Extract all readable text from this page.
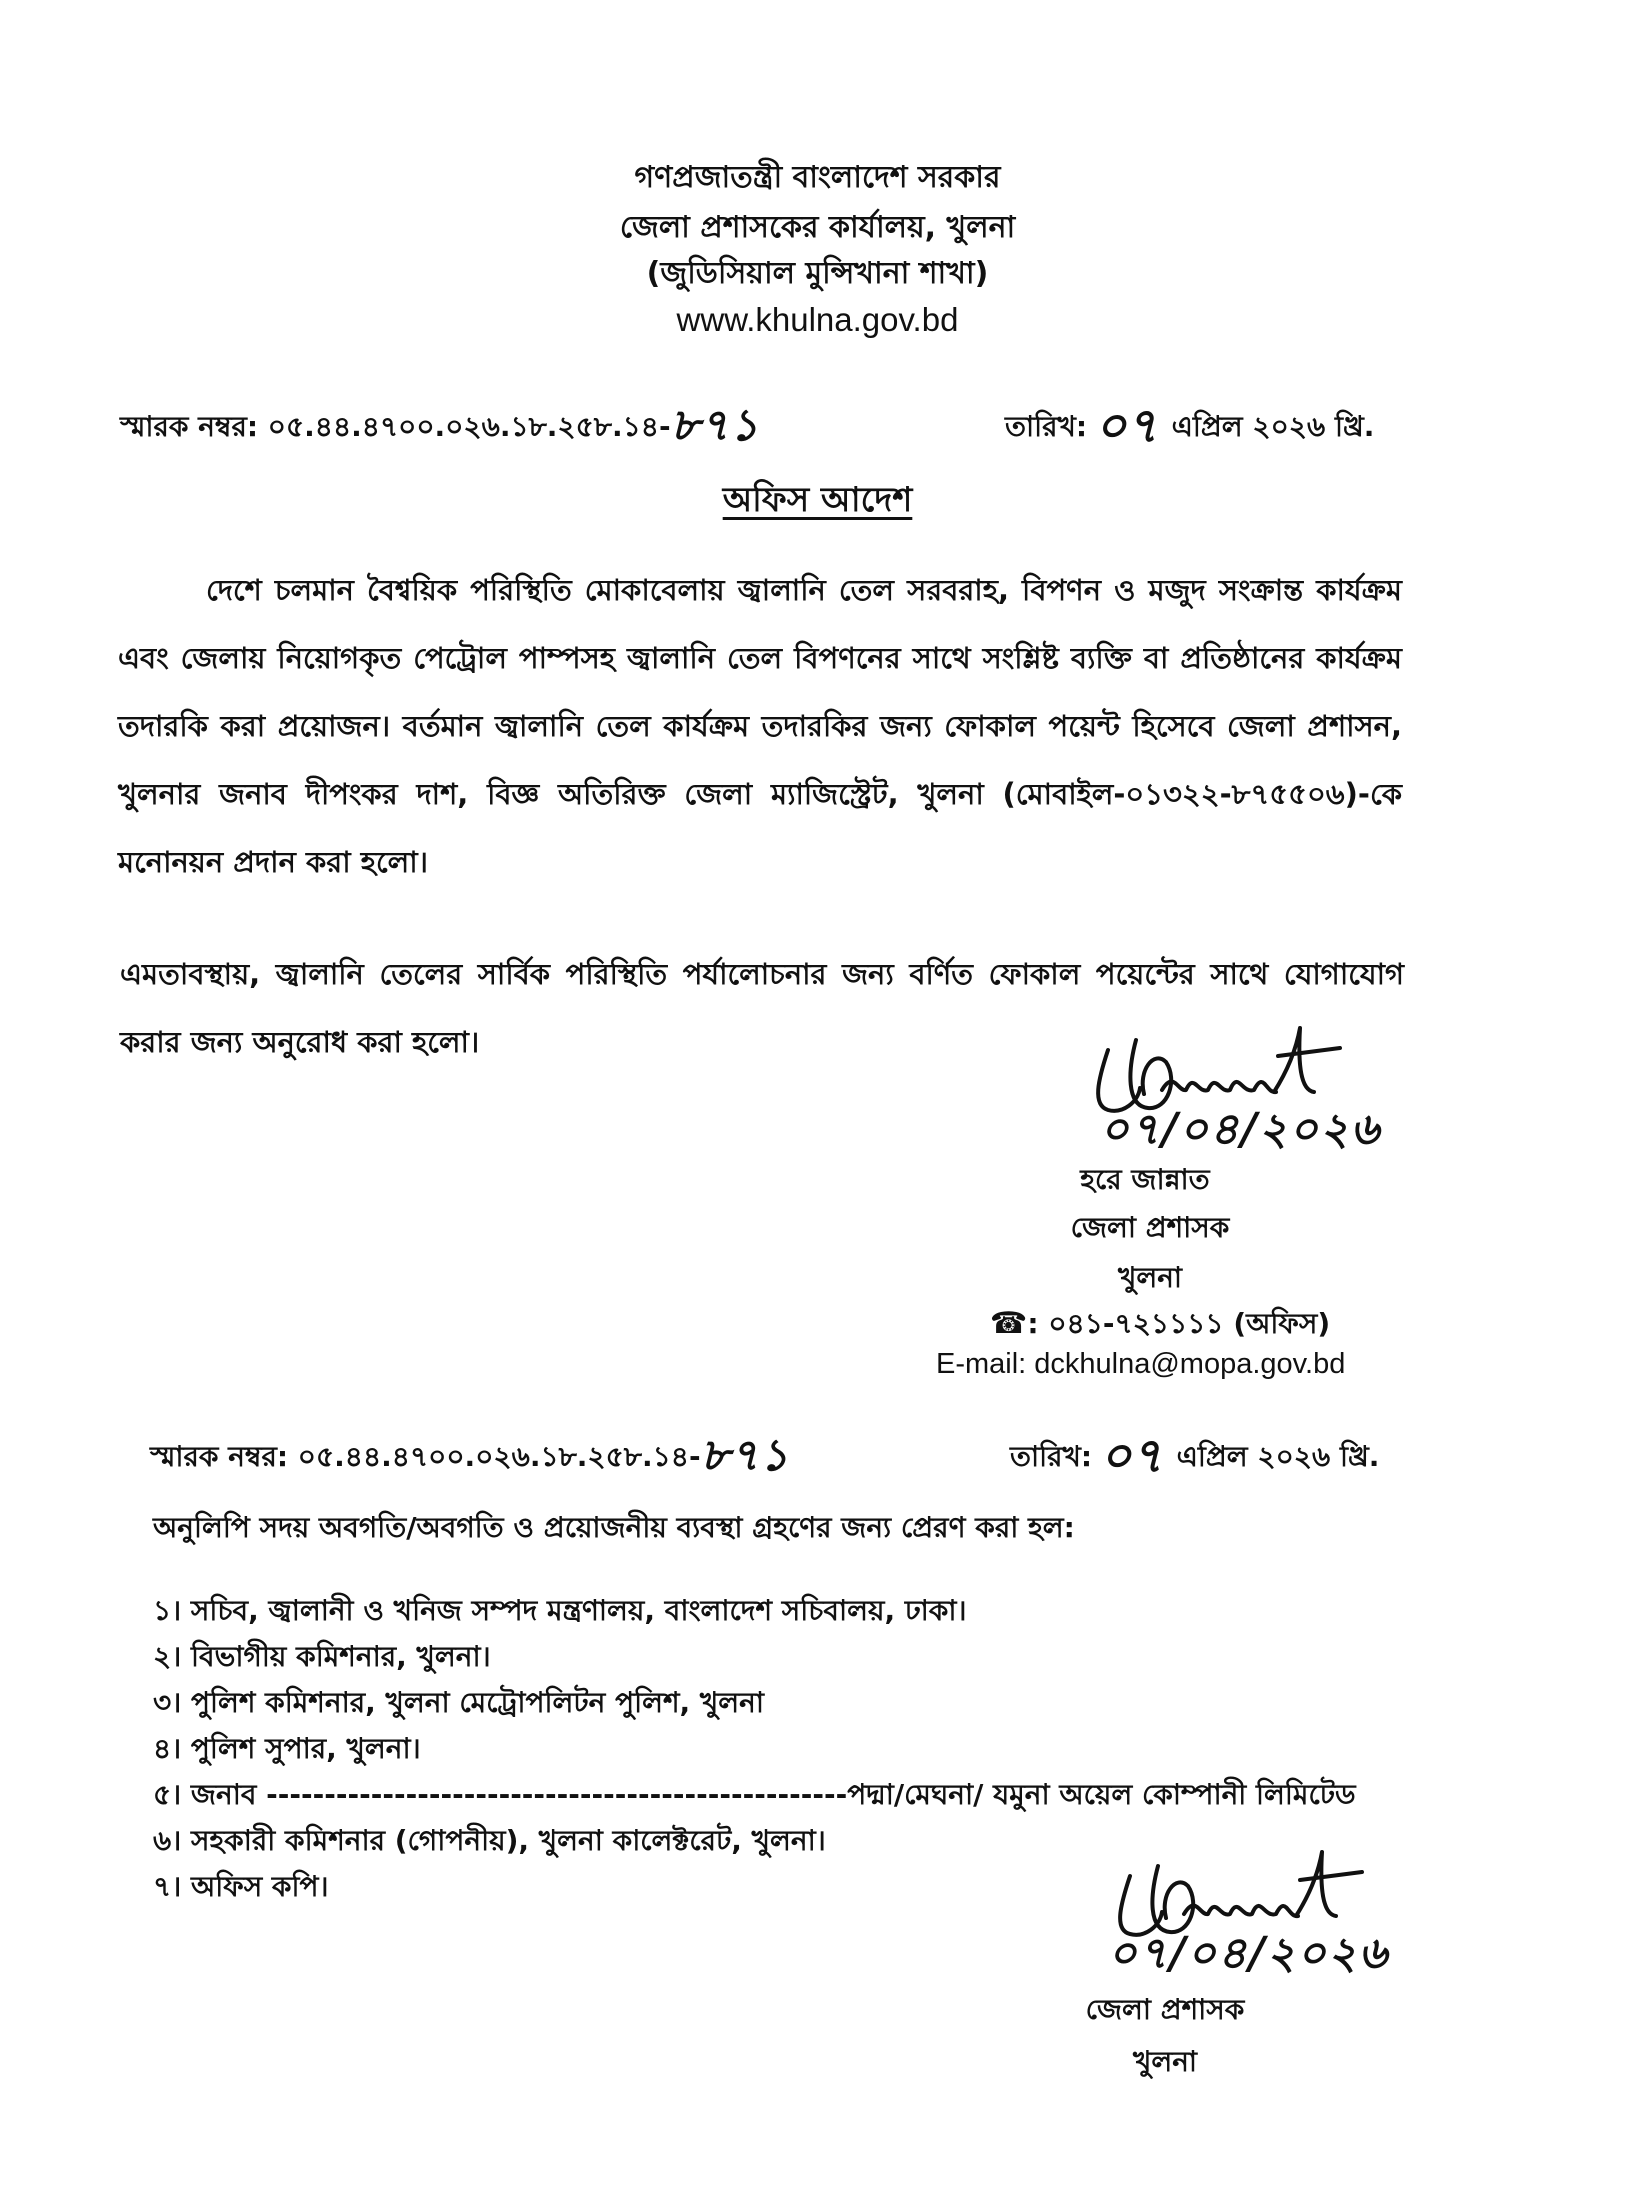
গণপ্রজাতন্ত্রী বাংলাদেশ সরকার
জেলা প্রশাসকের কার্যালয়, খুলনা
(জুডিসিয়াল মুন্সিখানা শাখা)
www.khulna.gov.bd
স্মারক নম্বর: ০৫.৪৪.৪৭০০.০২৬.১৮.২৫৮.১৪-৮৭১	তারিখ: ০৭ এপ্রিল ২০২৬ খ্রি.
অফিস আদেশ
দেশে চলমান বৈশ্বয়িক পরিস্থিতি মোকাবেলায় জ্বালানি তেল সরবরাহ, বিপণন ও মজুদ সংক্রান্ত কার্যক্রম এবং জেলায় নিয়োগকৃত পেট্রোল পাম্পসহ জ্বালানি তেল বিপণনের সাথে সংশ্লিষ্ট ব্যক্তি বা প্রতিষ্ঠানের কার্যক্রম তদারকি করা প্রয়োজন। বর্তমান জ্বালানি তেল কার্যক্রম তদারকির জন্য ফোকাল পয়েন্ট হিসেবে জেলা প্রশাসন, খুলনার জনাব দীপংকর দাশ, বিজ্ঞ অতিরিক্ত জেলা ম্যাজিস্ট্রেট, খুলনা (মোবাইল-০১৩২২-৮৭৫৫০৬)-কে মনোনয়ন প্রদান করা হলো।
এমতাবস্থায়, জ্বালানি তেলের সার্বিক পরিস্থিতি পর্যালোচনার জন্য বর্ণিত ফোকাল পয়েন্টের সাথে যোগাযোগ করার জন্য অনুরোধ করা হলো।
০৭/০৪/২০২৬
হরে জান্নাত
জেলা প্রশাসক
খুলনা
☎: ০৪১-৭২১১১১ (অফিস)
E-mail: dckhulna@mopa.gov.bd
স্মারক নম্বর: ০৫.৪৪.৪৭০০.০২৬.১৮.২৫৮.১৪-৮৭১	তারিখ: ০৭ এপ্রিল ২০২৬ খ্রি.
অনুলিপি সদয় অবগতি/অবগতি ও প্রয়োজনীয় ব্যবস্থা গ্রহণের জন্য প্রেরণ করা হল:
১। সচিব, জ্বালানী ও খনিজ সম্পদ মন্ত্রণালয়, বাংলাদেশ সচিবালয়, ঢাকা।
২। বিভাগীয় কমিশনার, খুলনা।
৩। পুলিশ কমিশনার, খুলনা মেট্রোপলিটন পুলিশ, খুলনা
৪। পুলিশ সুপার, খুলনা।
৫। জনাব --------------------------------------------------পদ্মা/মেঘনা/ যমুনা অয়েল কোম্পানী লিমিটেড
৬। সহকারী কমিশনার (গোপনীয়), খুলনা কালেক্টরেট, খুলনা।
৭। অফিস কপি।
০৭/০৪/২০২৬
জেলা প্রশাসক
খুলনা
